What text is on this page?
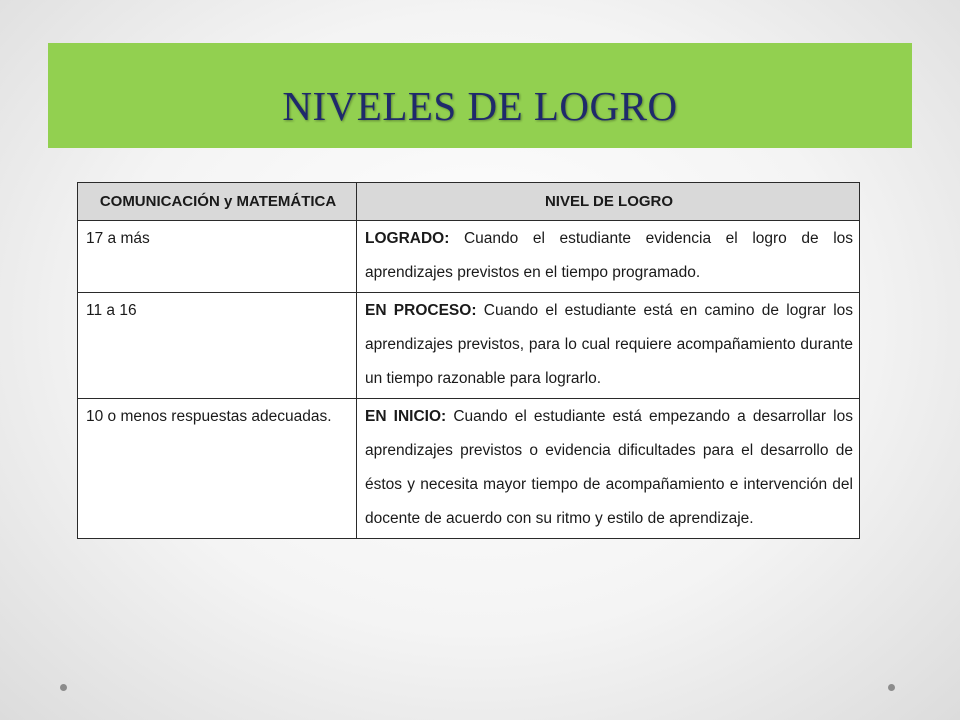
NIVELES DE LOGRO
COMUNICACIÓN y MATEMÁTICA	NIVEL DE LOGRO
17 a más	LOGRADO: Cuando el estudiante evidencia el logro de los aprendizajes previstos en el tiempo programado.
11 a 16	EN PROCESO: Cuando el estudiante está en camino de lograr los aprendizajes previstos, para lo cual requiere acompañamiento durante un tiempo razonable para lograrlo.
10 o menos respuestas adecuadas.	EN INICIO: Cuando el estudiante está empezando a desarrollar los aprendizajes previstos o evidencia dificultades para el desarrollo de éstos y necesita mayor tiempo de acompañamiento e intervención del docente de acuerdo con su ritmo y estilo de aprendizaje.
